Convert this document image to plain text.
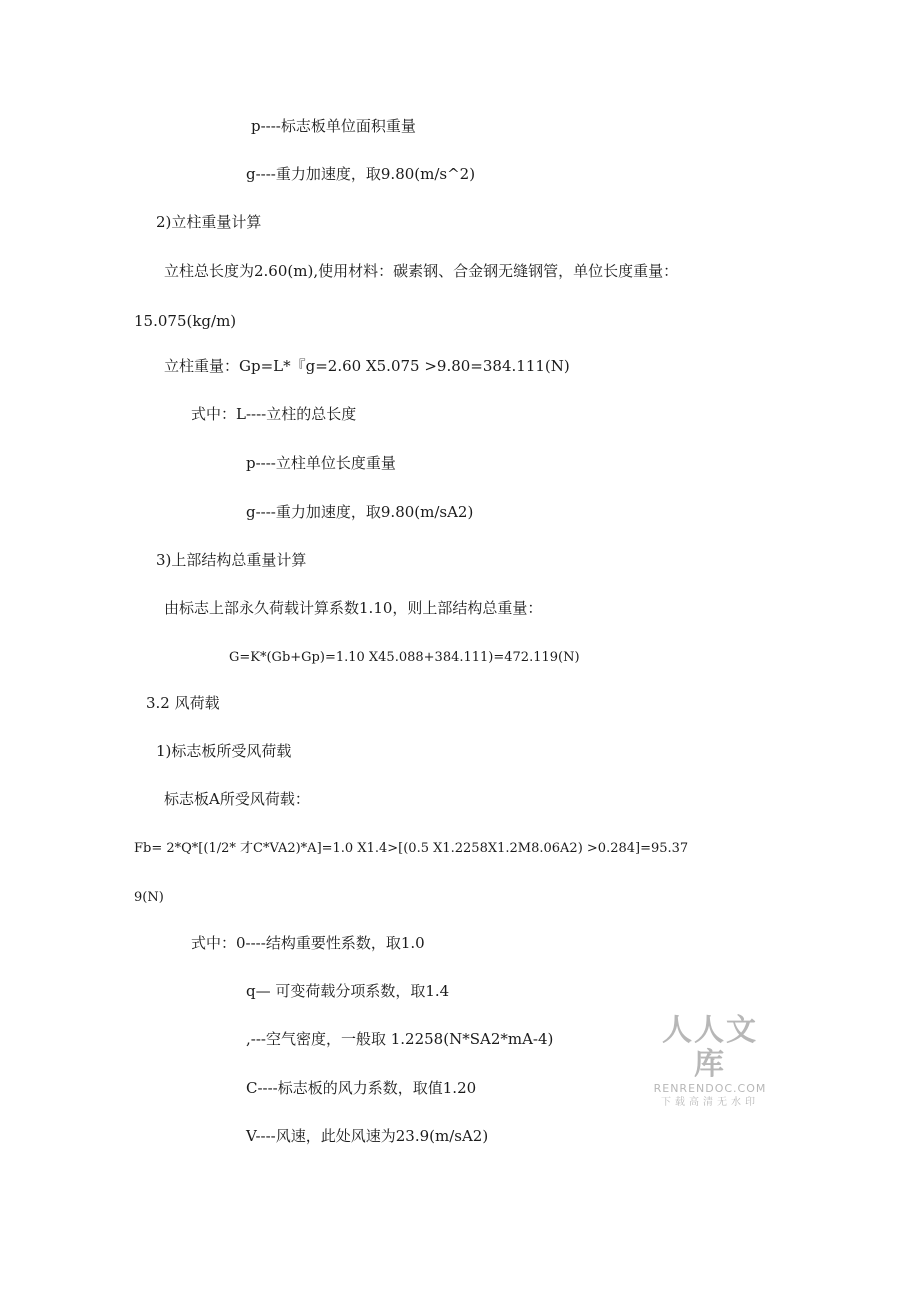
p----标志板单位面积重量
g----重力加速度，取9.80(m/s^2)
2)立柱重量计算
立柱总长度为2.60(m),使用材料：碳素钢、合金钢无缝钢管，单位长度重量：
15.075(kg/m)
立柱重量：Gp=L*『g=2.60 X5.075 >9.80=384.111(N)
式中：L----立柱的总长度
p----立柱单位长度重量
g----重力加速度，取9.80(m/sA2)
3)上部结构总重量计算
由标志上部永久荷载计算系数1.10，则上部结构总重量：
G=K*(Gb+Gp)=1.10 X45.088+384.111)=472.119(N)
3.2 风荷载
1)标志板所受风荷载
标志板A所受风荷载：
Fb= 2*Q*[(1/2* 才C*VA2)*A]=1.0 X1.4>[(0.5 X1.2258X1.2M8.06A2) >0.284]=95.37
9(N)
式中：0----结构重要性系数，取1.0
q— 可变荷载分项系数，取1.4
,---空气密度，一般取 1.2258(N*SA2*mA-4)
C----标志板的风力系数，取值1.20
V----风速，此处风速为23.9(m/sA2)
人人文库
RENRENDOC.COM
下载高清无水印
